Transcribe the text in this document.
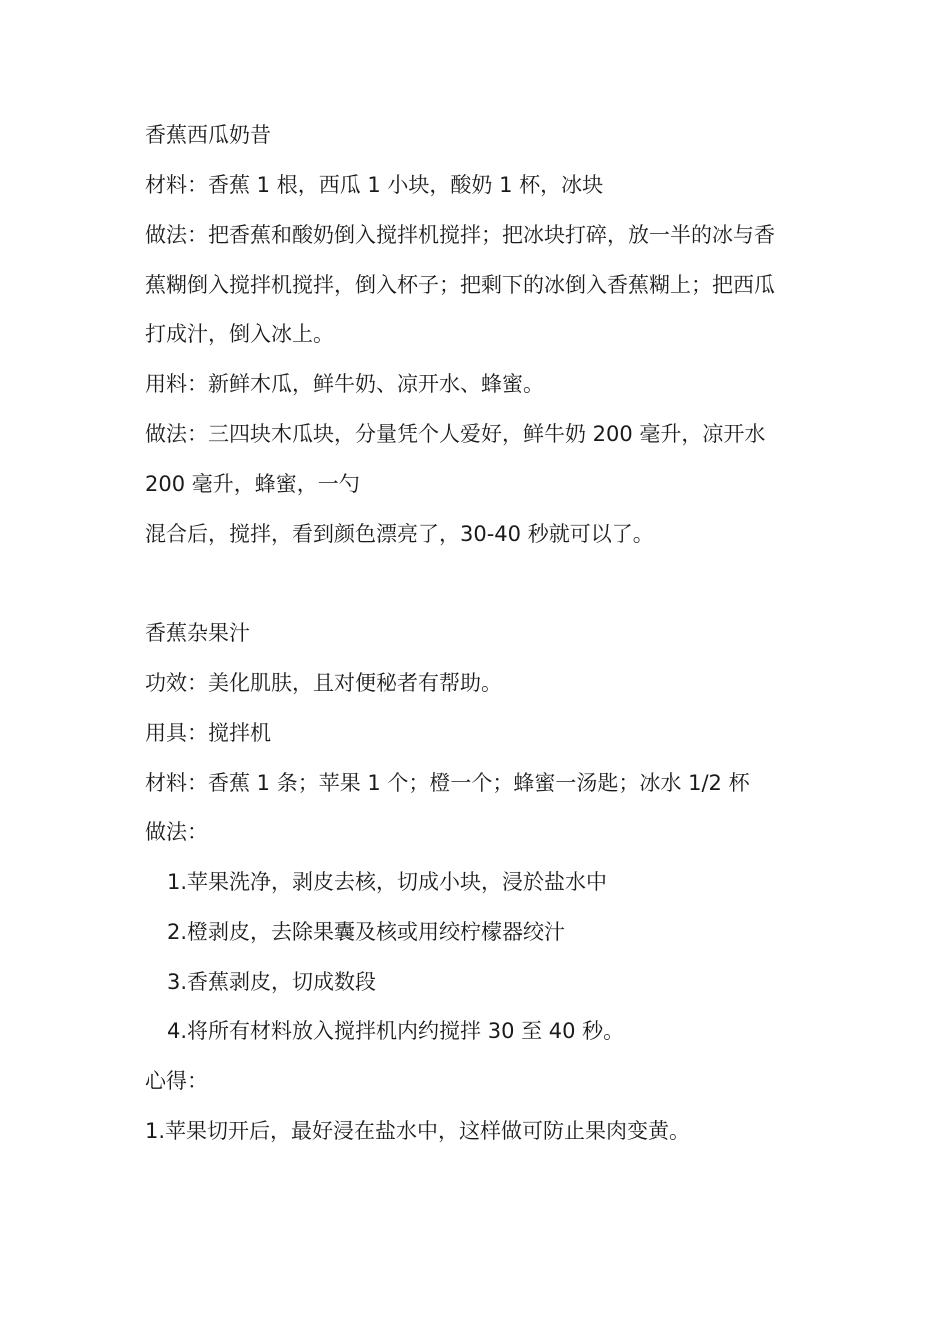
香蕉西瓜奶昔
材料：香蕉 1 根，西瓜 1 小块，酸奶 1 杯，冰块
做法：把香蕉和酸奶倒入搅拌机搅拌；把冰块打碎，放一半的冰与香
蕉糊倒入搅拌机搅拌，倒入杯子；把剩下的冰倒入香蕉糊上；把西瓜
打成汁，倒入冰上。
用料：新鲜木瓜，鲜牛奶、凉开水、蜂蜜。
做法：三四块木瓜块，分量凭个人爱好，鲜牛奶 200 毫升，凉开水
200 毫升，蜂蜜，一勺
混合后，搅拌，看到颜色漂亮了，30-40 秒就可以了。
香蕉杂果汁
功效：美化肌肤，且对便秘者有帮助。
用具：搅拌机
材料：香蕉 1 条；苹果 1 个；橙一个；蜂蜜一汤匙；冰水 1/2 杯
做法：
1.苹果洗净，剥皮去核，切成小块，浸於盐水中
2.橙剥皮，去除果囊及核或用绞柠檬器绞汁
3.香蕉剥皮，切成数段
4.将所有材料放入搅拌机内约搅拌 30 至 40 秒。
心得：
1.苹果切开后，最好浸在盐水中，这样做可防止果肉变黄。
